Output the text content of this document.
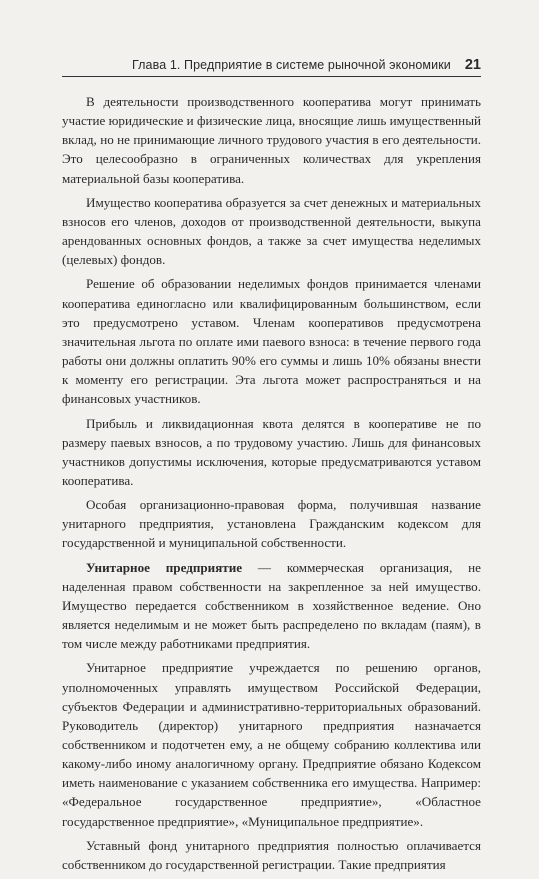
Глава 1. Предприятие в системе рыночной экономики 21

В деятельности производственного кооператива могут принимать участие юридические и физические лица, вносящие лишь имущественный вклад, но не принимающие личного трудового участия в его деятельности. Это целесообразно в ограниченных количествах для укрепления материальной базы кооператива.

Имущество кооператива образуется за счет денежных и материальных взносов его членов, доходов от производственной деятельности, выкупа арендованных основных фондов, а также за счет имущества неделимых (целевых) фондов.

Решение об образовании неделимых фондов принимается членами кооператива единогласно или квалифицированным большинством, если это предусмотрено уставом. Членам кооперативов предусмотрена значительная льгота по оплате ими паевого взноса: в течение первого года работы они должны оплатить 90% его суммы и лишь 10% обязаны внести к моменту его регистрации. Эта льгота может распространяться и на финансовых участников.

Прибыль и ликвидационная квота делятся в кооперативе не по размеру паевых взносов, а по трудовому участию. Лишь для финансовых участников допустимы исключения, которые предусматриваются уставом кооператива.

Особая организационно-правовая форма, получившая название унитарного предприятия, установлена Гражданским кодексом для государственной и муниципальной собственности.

Унитарное предприятие — коммерческая организация, не наделенная правом собственности на закрепленное за ней имущество. Имущество передается собственником в хозяйственное ведение. Оно является неделимым и не может быть распределено по вкладам (паям), в том числе между работниками предприятия.

Унитарное предприятие учреждается по решению органов, уполномоченных управлять имуществом Российской Федерации, субъектов Федерации и административно-территориальных образований. Руководитель (директор) унитарного предприятия назначается собственником и подотчетен ему, а не общему собранию коллектива или какому-либо иному аналогичному органу. Предприятие обязано Кодексом иметь наименование с указанием собственника его имущества. Например: «Федеральное государственное предприятие», «Областное государственное предприятие», «Муниципальное предприятие».

Уставный фонд унитарного предприятия полностью оплачивается собственником до государственной регистрации. Такие предприятия
